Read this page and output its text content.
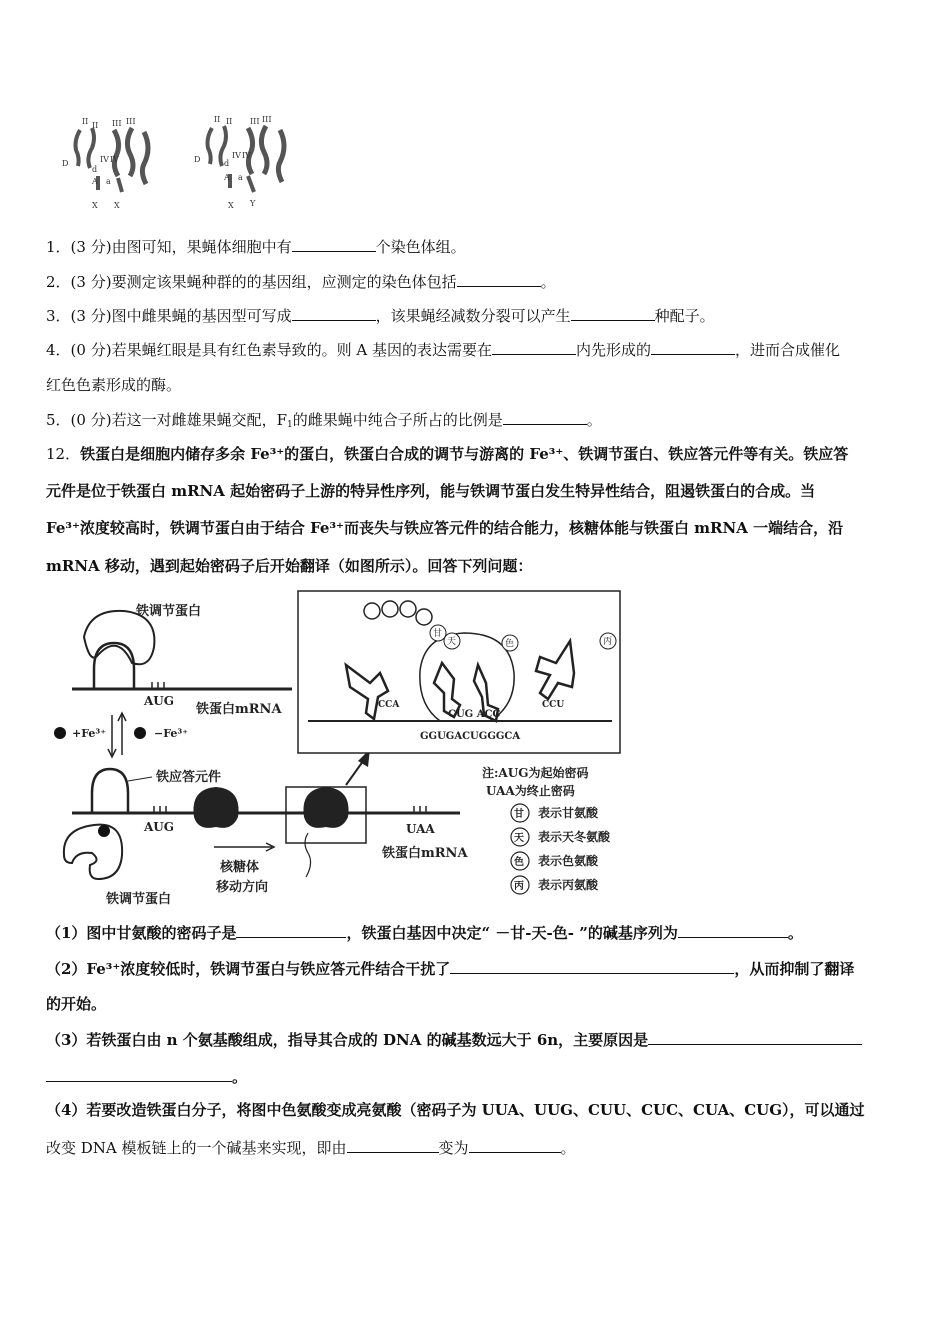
II II III III
IV IV
D
d
A a
X X
II II III III
IV IV
D	d
A a
X Y
1．(3 分)由图可知，果蝇体细胞中有	个染色体组。
2．(3 分)要测定该果蝇种群的的基因组，应测定的染色体包括	。
3．(3 分)图中雌果蝇的基因型可写成	，该果蝇经减数分裂可以产生	种配子。
4．(0 分)若果蝇红眼是具有红色素导致的。则 A 基因的表达需要在	内先形成的	，进而合成催化
红色色素形成的酶。
5．(0 分)若这一对雌雄果蝇交配，$F_1$的雌果蝇中纯合子所占的比例是	。
12．铁蛋白是细胞内储存多余 Fe³⁺的蛋白，铁蛋白合成的调节与游离的 Fe³⁺、铁调节蛋白、铁应答元件等有关。铁应答
元件是位于铁蛋白 mRNA 起始密码子上游的特异性序列，能与铁调节蛋白发生特异性结合，阻遏铁蛋白的合成。当
Fe³⁺浓度较高时，铁调节蛋白由于结合 Fe³⁺而丧失与铁应答元件的结合能力，核糖体能与铁蛋白 mRNA 一端结合，沿
mRNA 移动，遇到起始密码子后开始翻译（如图所示）。回答下列问题：
铁调节蛋白
AUG
铁蛋白mRNA
+Fe³⁺	−Fe³⁺
铁应答元件
AUG	UAA
铁蛋白mRNA
核糖体
移动方向
铁调节蛋白
CCA	CCU
甘
天	色	丙
CUG ACC
GGUGACUGGGCA
注:AUG为起始密码
UAA为终止密码
甘 表示甘氨酸
天 表示天冬氨酸
色 表示色氨酸
丙 表示丙氨酸
（1）图中甘氨酸的密码子是	，铁蛋白基因中决定“ －甘-天-色- ”的碱基序列为	。
（2）Fe³⁺浓度较低时，铁调节蛋白与铁应答元件结合干扰了	，从而抑制了翻译
的开始。
（3）若铁蛋白由 n 个氨基酸组成，指导其合成的 DNA 的碱基数远大于 6n，主要原因是
。
（4）若要改造铁蛋白分子，将图中色氨酸变成亮氨酸（密码子为 UUA、UUG、CUU、CUC、CUA、CUG），可以通过
改变 DNA 模板链上的一个碱基来实现，即由	变为	。
